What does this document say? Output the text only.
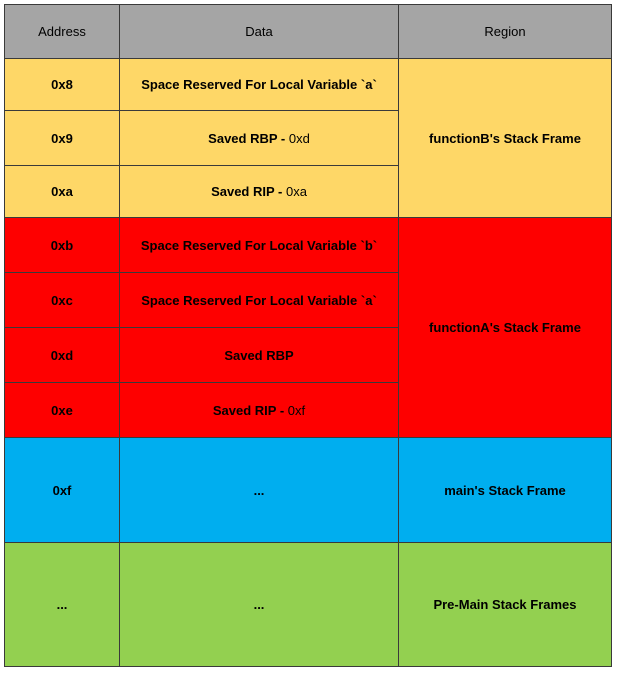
Address	Data	Region
0x8	Space Reserved For Local Variable `a`	functionB's Stack Frame
0x9	Saved RBP - 0xd	
0xa	Saved RIP - 0xa	
0xb	Space Reserved For Local Variable `b`	functionA's Stack Frame
0xc	Space Reserved For Local Variable `a`	
0xd	Saved RBP	
0xe	Saved RIP - 0xf	
0xf	...	main's Stack Frame
...	...	Pre-Main Stack Frames
